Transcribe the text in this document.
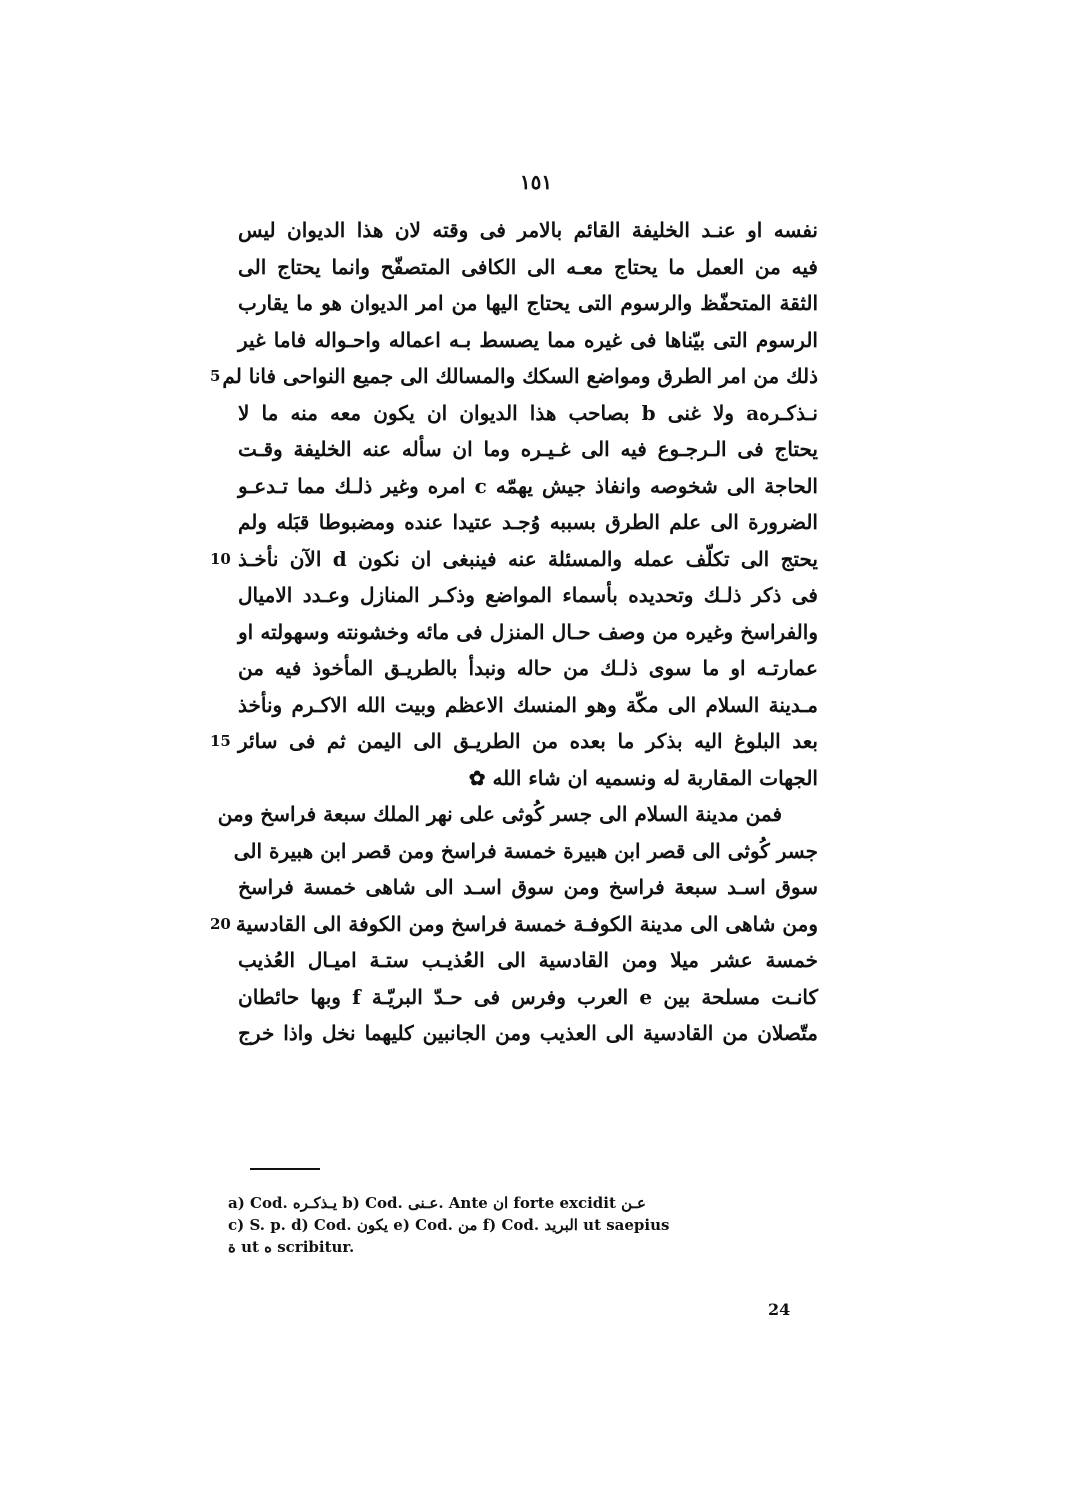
١٥١
نفسه او عنـد الخليفة القائم بالامر فى وقته لان هذا الديوان ليس
فيه من العمل ما يحتاج معـه الى الكافى المتصفّح وانما يحتاج الى
الثقة المتحفّظ والرسوم التى يحتاج اليها من امر الديوان هو ما يقارب
الرسوم التى بيّناها فى غيره مما يصسط بـه اعماله واحـواله فاما غير
ذلك من امر الطرق ومواضع السكك والمسالك الى جميع النواحى فانا لم
5
نـذكـرهa ولا غنى b بصاحب هذا الديوان ان يكون معه منه ما لا
يحتاج فى الـرجـوع فيه الى غـيـره وما ان سأله عنه الخليفة وقـت
الحاجة الى شخوصه وانفاذ جيش يهمّه c امره وغير ذلـك مما تـدعـو
الضرورة الى علم الطرق بسببه وُجـد عتيدا عنده ومضبوطا قبَله ولم
يحتج الى تكلّف عمله والمسئلة عنه فينبغى ان نكون d الآن نأخـذ
10
فى ذكر ذلـك وتحديده بأسماء المواضع وذكـر المنازل وعـدد الاميال
والفراسخ وغيره من وصف حـال المنزل فى مائه وخشونته وسهولته او
عمارتـه او ما سوى ذلـك من حاله ونبدأ بالطريـق المأخوذ فيه من
مـدينة السلام الى مكّة وهو المنسك الاعظم وبيت الله الاكـرم ونأخذ
بعد البلوغ اليه بذكر ما بعده من الطريـق الى اليمن ثم فى سائر
15
الجهات المقاربة له ونسميه ان شاء الله ✿
فمن مدينة السلام الى جسر كُوثى على نهر الملك سبعة فراسخ ومن
جسر كُوثى الى قصر ابن هبيرة خمسة فراسخ ومن قصر ابن هبيرة الى
سوق اسـد سبعة فراسخ ومن سوق اسـد الى شاهى خمسة فراسخ
ومن شاهى الى مدينة الكوفـة خمسة فراسخ ومن الكوفة الى القادسية
20
خمسة عشر ميلا ومن القادسية الى العُذيـب ستـة اميـال العُذيب
كانـت مسلحة بين e العرب وفرس فى حـدّ البريّـة f وبها حائطان
متّصلان من القادسية الى العذيب ومن الجانبين كليهما نخل واذا خرج
a) Cod. يـذكـره b) Cod. عـنى. Ante ان forte excidit عـن
c) S. p. d) Cod. يكون e) Cod. من f) Cod. البريد ut saepius
ة ut ه scribitur.
24
